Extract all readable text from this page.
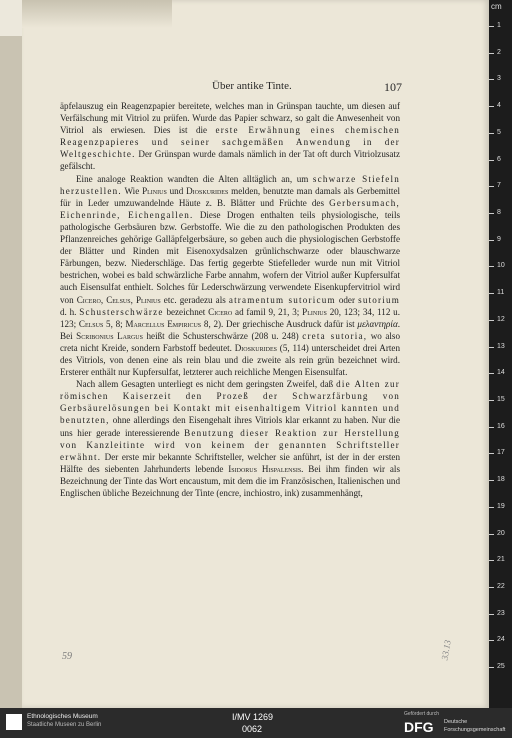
Über antike Tinte.	107

äpfelauszug ein Reagenzpapier bereitete, welches man in Grünspan tauchte, um diesen auf Verfälschung mit Vitriol zu prüfen. Wurde das Papier schwarz, so galt die Anwesenheit von Vitriol als erwiesen. Dies ist die erste Erwähnung eines chemischen Reagenzpapieres und seiner sachgemäßen Anwendung in der Weltgeschichte. Der Grünspan wurde damals nämlich in der Tat oft durch Vitriolzusatz gefälscht.

Eine analoge Reaktion wandten die Alten alltäglich an, um schwarze Stiefeln herzustellen. Wie Plinius und Dioskurides melden, benutzte man damals als Gerbemittel für in Leder umzuwandelnde Häute z. B. Blätter und Früchte des Gerbersumach, Eichenrinde, Eichengallen. Diese Drogen enthalten teils physiologische, teils pathologische Gerbsäuren bzw. Gerbstoffe. Wie die zu den pathologischen Produkten des Pflanzenreiches gehörige Galläpfelgerbsäure, so geben auch die physiologischen Gerbstoffe der Blätter und Rinden mit Eisenoxydsalzen grünlichschwarze oder blauschwarze Färbungen, bezw. Niederschläge. Das fertig gegerbte Stiefelleder wurde nun mit Vitriol bestrichen, wobei es bald schwärzliche Farbe annahm, wofern der Vitriol außer Kupfersulfat auch Eisensulfat enthielt. Solches für Lederschwärzung verwendete Eisenkupfervitriol wird von Cicero, Celsus, Plinius etc. geradezu als atramentum sutoricum oder sutorium d. h. Schusterschwärze bezeichnet Cicero ad famil 9, 21, 3; Plinius 20, 123; 34, 112 u. 123; Celsus 5, 8; Marcellus Empiricus 8, 2). Der griechische Ausdruck dafür ist μελαντηρία. Bei Scribonius Largus heißt die Schusterschwärze (208 u. 248) creta sutoria, wo also creta nicht Kreide, sondern Farbstoff bedeutet. Dioskurides (5, 114) unterscheidet drei Arten des Vitriols, von denen eine als rein blau und die zweite als rein grün bezeichnet wird. Ersterer enthält nur Kupfersulfat, letzterer auch reichliche Mengen Eisensulfat.

Nach allem Gesagten unterliegt es nicht dem geringsten Zweifel, daß die Alten zur römischen Kaiserzeit den Prozeß der Schwarzfärbung von Gerbsäurelösungen bei Kontakt mit eisenhaltigem Vitriol kannten und benutzten, ohne allerdings den Eisengehalt ihres Vitriols klar erkannt zu haben. Nur die uns hier gerade interessierende Benutzung dieser Reaktion zur Herstellung von Kanzleitinte wird von keinem der genannten Schriftsteller erwähnt. Der erste mir bekannte Schriftsteller, welcher sie anführt, ist der in der ersten Hälfte des siebenten Jahrhunderts lebende Isidorus Hispalensis. Bei ihm finden wir als Bezeichnung der Tinte das Wort encaustum, mit dem die im Französischen, Italienischen und Englischen übliche Bezeichnung der Tinte (encre, inchiostro, ink) zusammenhängt,

59	33.13
cm
1
2
3
4
5
6
7
8
9
10
11
12
13
14
15
16
17
18
19
20
21
22
23
24
25
Ethnologisches Museum
Staatliche Museen zu Berlin
I/MV 1269
0062
Gefördert durch
DFG Deutsche
Forschungsgemeinschaft
